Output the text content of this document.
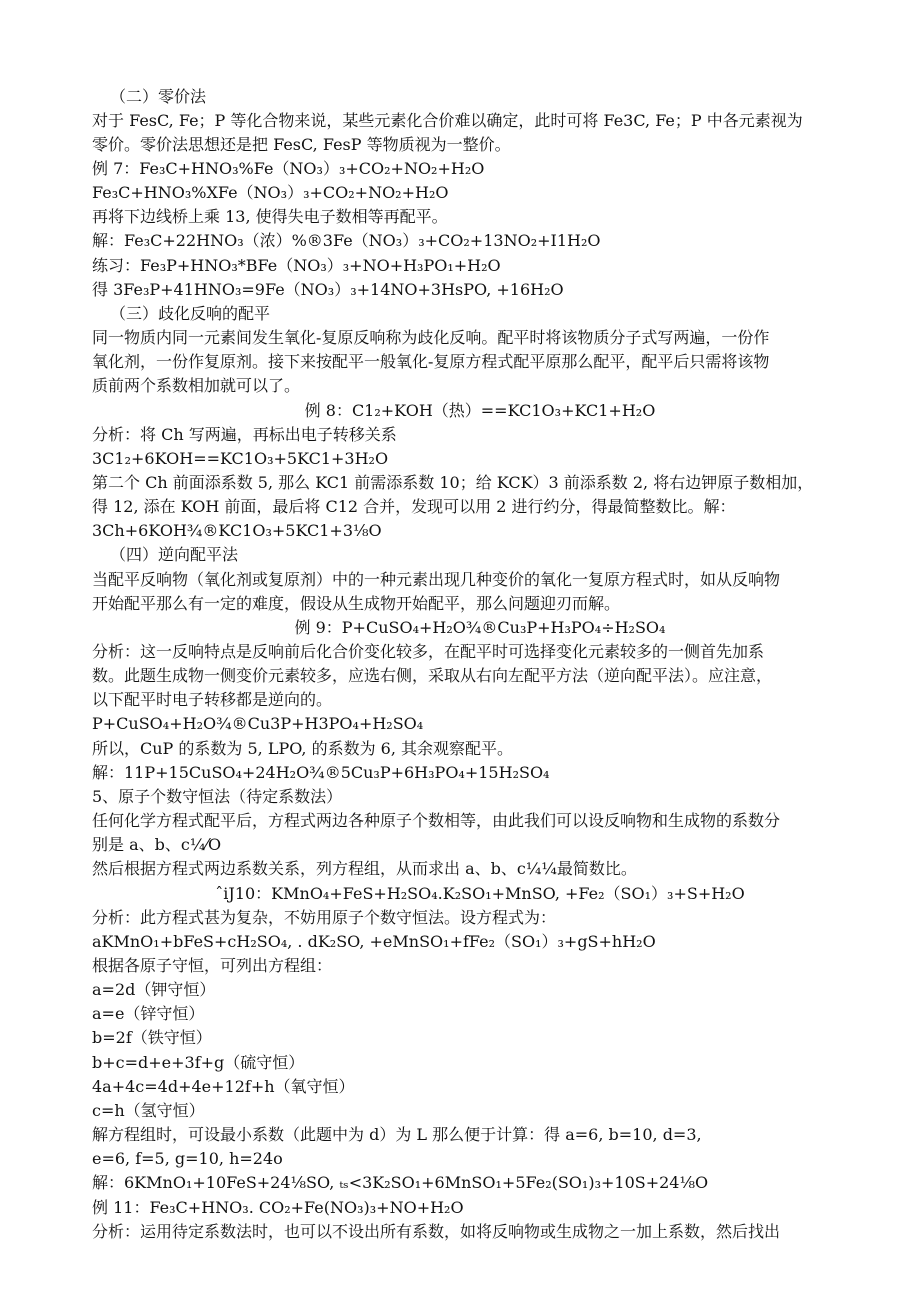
（二）零价法
对于 FesC, Fe；P 等化合物来说，某些元素化合价难以确定，此时可将 Fe3C, Fe；P 中各元素视为
零价。零价法思想还是把 FesC, FesP 等物质视为一整价。
例 7：Fe₃C+HNO₃%Fe（NO₃）₃+CO₂+NO₂+H₂O
Fe₃C+HNO₃%XFe（NO₃）₃+CO₂+NO₂+H₂O
再将下边线桥上乘 13, 使得失电子数相等再配平。
解：Fe₃C+22HNO₃（浓）%®3Fe（NO₃）₃+CO₂+13NO₂+I1H₂O
练习：Fe₃P+HNO₃*BFe（NO₃）₃+NO+H₃PO₁+H₂O
得 3Fe₃P+41HNO₃=9Fe（NO₃）₃+14NO+3HsPO, +16H₂O
（三）歧化反响的配平
同一物质内同一元素间发生氧化-复原反响称为歧化反响。配平时将该物质分子式写两遍，一份作
氧化剂，一份作复原剂。接下来按配平一般氧化-复原方程式配平原那么配平，配平后只需将该物
质前两个系数相加就可以了。
例 8：C1₂+KOH（热）==KC1O₃+KC1+H₂O
分析：将 Ch 写两遍，再标出电子转移关系
3C1₂+6KOH==KC1O₃+5KC1+3H₂O
第二个 Ch 前面添系数 5, 那么 KC1 前需添系数 10；给 KCK）3 前添系数 2, 将右边钾原子数相加，
得 12, 添在 KOH 前面，最后将 C12 合并，发现可以用 2 进行约分，得最简整数比。解：
3Ch+6KOH¾®KC1O₃+5KC1+3⅛O
（四）逆向配平法
当配平反响物（氧化剂或复原剂）中的一种元素出现几种变价的氧化一复原方程式时，如从反响物
开始配平那么有一定的难度，假设从生成物开始配平，那么问题迎刃而解。
例 9：P+CuSO₄+H₂O¾®Cu₃P+H₃PO₄÷H₂SO₄
分析：这一反响特点是反响前后化合价变化较多，在配平时可选择变化元素较多的一侧首先加系
数。此题生成物一侧变价元素较多，应选右侧，采取从右向左配平方法（逆向配平法）。应注意，
以下配平时电子转移都是逆向的。
P+CuSO₄+H₂O¾®Cu3P+H3PO₄+H₂SO₄
所以，CuP 的系数为 5, LPO, 的系数为 6, 其余观察配平。
解：11P+15CuSO₄+24H₂O¾®5Cu₃P+6H₃PO₄+15H₂SO₄
5、原子个数守恒法（待定系数法）
任何化学方程式配平后，方程式两边各种原子个数相等，由此我们可以设反响物和生成物的系数分
别是 a、b、c¼⁄O
然后根据方程式两边系数关系，列方程组，从而求出 a、b、c¼¼最简数比。
ˆiJ10：KMnO₄+FeS+H₂SO₄.K₂SO₁+MnSO, +Fe₂（SO₁）₃+S+H₂O
分析：此方程式甚为复杂，不妨用原子个数守恒法。设方程式为：
aKMnO₁+bFeS+cH₂SO₄, . dK₂SO, +eMnSO₁+fFe₂（SO₁）₃+gS+hH₂O
根据各原子守恒，可列出方程组：
a=2d（钾守恒）
a=e（锌守恒）
b=2f（铁守恒）
b+c=d+e+3f+g（硫守恒）
4a+4c=4d+4e+12f+h（氧守恒）
c=h（氢守恒）
解方程组时，可设最小系数（此题中为 d）为 L 那么便于计算：得 a=6, b=10, d=3,
e=6, f=5, g=10, h=24o
解：6KMnO₁+10FeS+24⅛SO, ₜₛ<3K₂SO₁+6MnSO₁+5Fe₂(SO₁)₃+10S+24⅛O
例 11：Fe₃C+HNO₃. CO₂+Fe(NO₃)₃+NO+H₂O
分析：运用待定系数法时，也可以不设出所有系数，如将反响物或生成物之一加上系数，然后找出
